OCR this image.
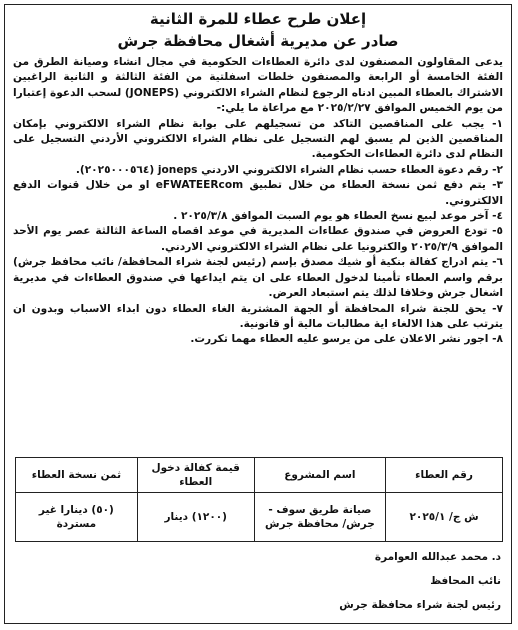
إعلان طرح عطاء للمرة الثانية
صادر عن مديرية أشغال محافظة جرش

يدعى المقاولون المصنفون لدى دائرة العطاءات الحكومية في مجال انشاء وصيانة الطرق من الفئة الخامسة أو الرابعة والمصنفون خلطات اسفلتية من الفئة الثالثة و الثانية الراغبين الاشتراك بالعطاء المبين ادناه الرجوع لنظام الشراء الالكتروني (JONEPS) لسحب الدعوة إعتبارا من يوم الخميس الموافق ٢٠٢٥/٢/٢٧ مع مراعاة ما يلي:-

١- يجب على المناقصين التاكد من تسجيلهم على بوابة نظام الشراء الالكتروني بإمكان المناقصين الذين لم يسبق لهم التسجيل على نظام الشراء الالكتروني الأردني التسجيل على النظام لدى دائرة العطاءات الحكومية.

٢- رقم دعوة العطاء حسب نظام الشراء الالكتروني الاردني joneps (٢٠٢٥٠٠٠٥٦٤).

٣- يتم دفع ثمن نسخة العطاء من خلال تطبيق eFWATEERcom او من خلال قنوات الدفع الالكتروني.

٤- آخر موعد لبيع نسخ العطاء هو يوم السبت الموافق ٢٠٢٥/٣/٨ .

٥- تودع العروض في صندوق عطاءات المديرية في موعد اقصاه الساعة الثالثة عصر يوم الأحد الموافق ٢٠٢٥/٣/٩ والكترونيا على نظام الشراء الالكتروني الاردني.

٦- يتم ادراج كفالة بنكية أو شيك مصدق بإسم (رئيس لجنة شراء المحافظة/ نائب محافظ جرش) برقم واسم العطاء تأمينا لدخول العطاء على ان يتم ايداعها في صندوق العطاءات في مديرية اشغال جرش وخلافا لذلك يتم استبعاد العرض.

٧- يحق للجنة شراء المحافظة أو الجهة المشترية الغاء العطاء دون ابداء الاسباب وبدون ان يترتب على هذا الالغاء اية مطالبات مالية أو قانونية.

٨- اجور نشر الاعلان على من يرسو عليه العطاء مهما تكررت.

رقم العطاء	اسم المشروع	قيمة كفالة دخول العطاء	ثمن نسخة العطاء
ش ج/ ٢٠٢٥/١	صيانة طريق سوف - جرش/ محافظة جرش	(١٢٠٠) دينار	(٥٠) دينارا غير مستردة
د. محمد عبدالله العوامرة
نائب المحافظ
رئيس لجنة شراء محافظة جرش
